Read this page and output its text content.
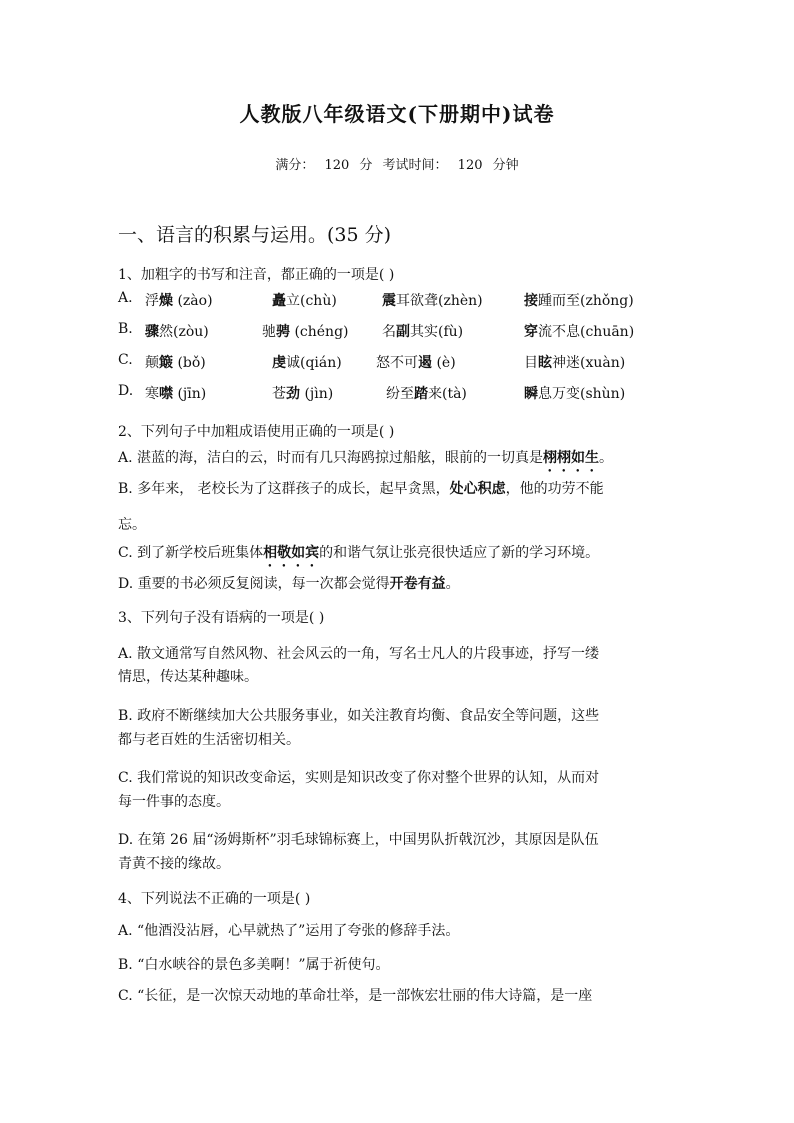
人教版八年级语文(下册期中)试卷
满分： 120 分 考试时间： 120 分钟
一、语言的积累与运用。(35 分)
1、加粗字的书写和注音，都正确的一项是( )
A. 浮燥 (zào)	矗立(chù)	震耳欲聋(zhèn)	接踵而至(zhǒng)
B. 骤然(zòu)	驰骋 (chéng) 名副其实(fù)	穿流不息(chuān)
C. 颠簸 (bǒ)	虔诚(qián) 怒不可遏 (è)	目眩神迷(xuàn)
D. 寒噤 (jīn)	苍劲 (jìn)	纷至踏来(tà)	瞬息万变(shùn)
2、下列句子中加粗成语使用正确的一项是( )
A. 湛蓝的海，洁白的云，时而有几只海鸥掠过船舷，眼前的一切真是栩栩如生。
B. 多年来， 老校长为了这群孩子的成长，起早贪黑，处心积虑，他的功劳不能
忘。
C. 到了新学校后班集体相敬如宾的和谐气氛让张亮很快适应了新的学习环境。
D. 重要的书必须反复阅读，每一次都会觉得开卷有益。
3、下列句子没有语病的一项是( )
A. 散文通常写自然风物、社会风云的一角，写名士凡人的片段事迹，抒写一缕
情思，传达某种趣味。
B. 政府不断继续加大公共服务事业，如关注教育均衡、食品安全等问题，这些
都与老百姓的生活密切相关。
C. 我们常说的知识改变命运，实则是知识改变了你对整个世界的认知，从而对
每一件事的态度。
D. 在第 26 届“汤姆斯杯”羽毛球锦标赛上，中国男队折戟沉沙，其原因是队伍
青黄不接的缘故。
4、下列说法不正确的一项是( )
A. “他酒没沾唇，心早就热了”运用了夸张的修辞手法。
B. “白水峡谷的景色多美啊！”属于祈使句。
C. “长征，是一次惊天动地的革命壮举，是一部恢宏壮丽的伟大诗篇，是一座
